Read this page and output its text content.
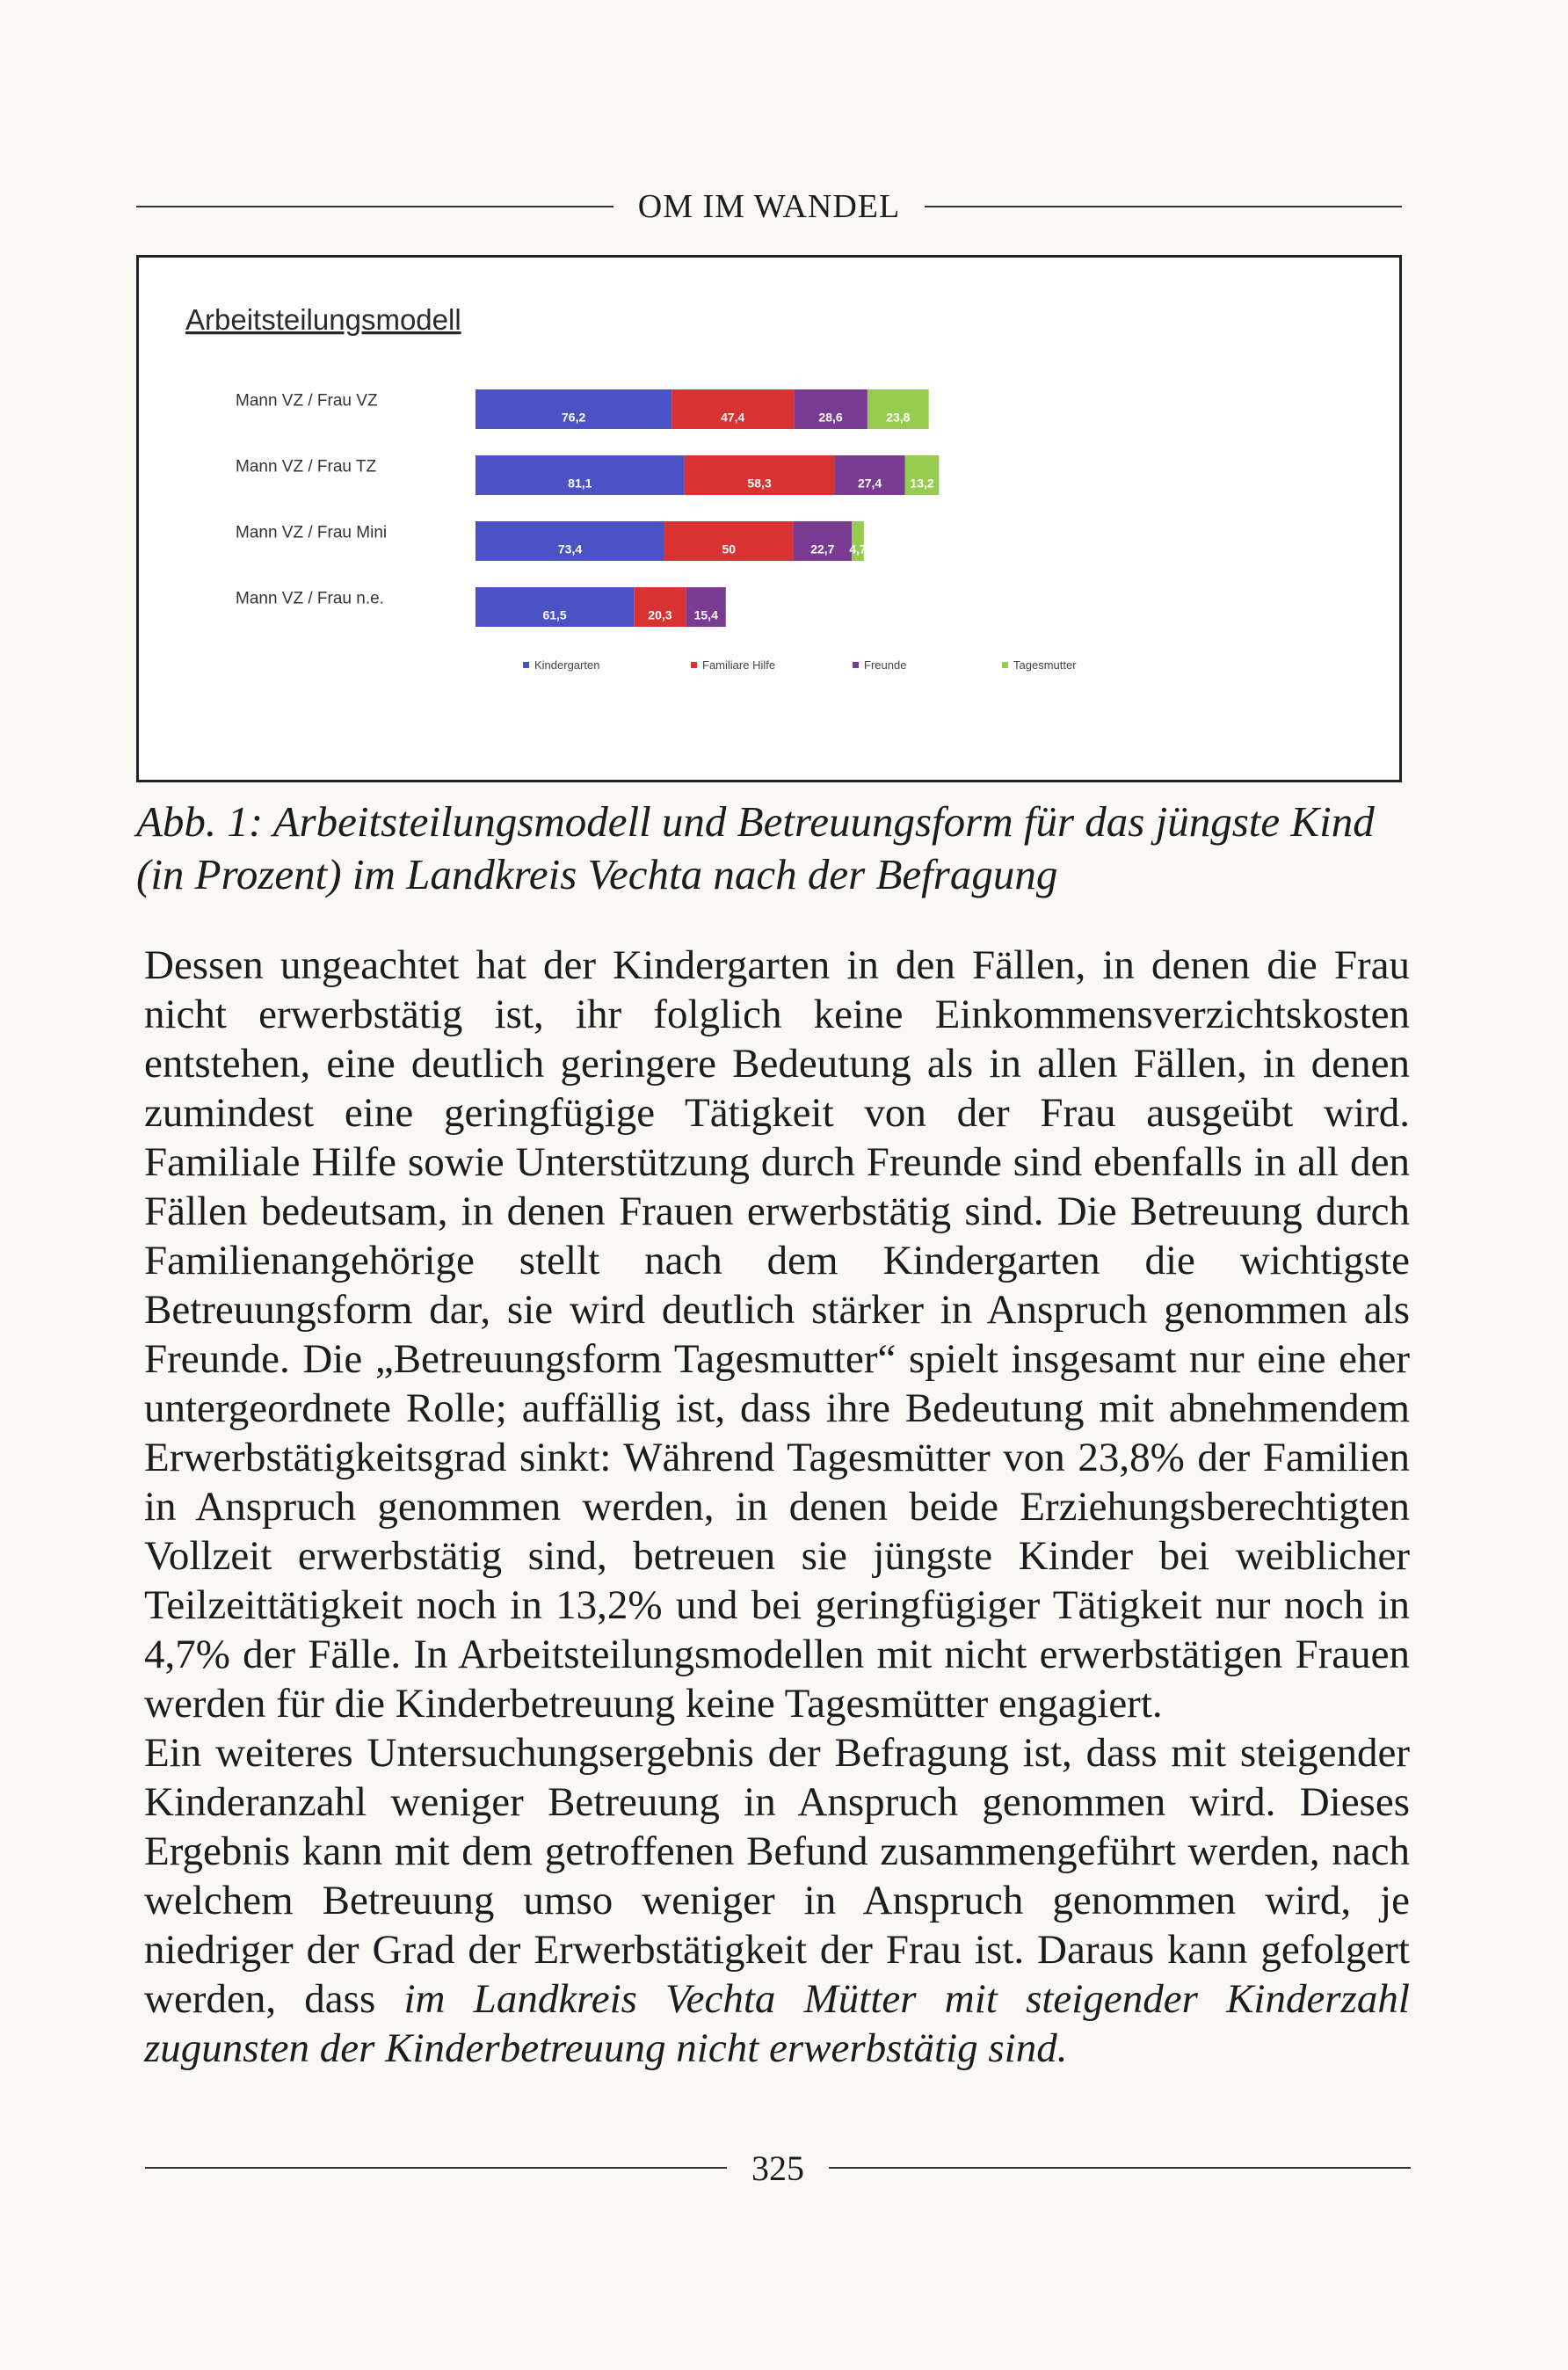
OM IM WANDEL
Arbeitsteilungsmodell
Mann VZ / Frau VZ
76,2	47,4	28,6	23,8
Mann VZ / Frau TZ
81,1	58,3	27,4 13,2
Mann VZ / Frau Mini
73,4	50	22,7 4,7
Mann VZ / Frau n.e.
61,5	20,3 15,4
Kindergarten	Familiare Hilfe	Freunde	Tagesmutter
Abb. 1: Arbeitsteilungsmodell und Betreuungsform für das jüngste Kind (in Prozent) im Landkreis Vechta nach der Befragung

Dessen ungeachtet hat der Kindergarten in den Fällen, in denen die Frau nicht erwerbstätig ist, ihr folglich keine Einkommensverzichtskosten entstehen, eine deutlich geringere Bedeutung als in allen Fällen, in denen zumindest eine geringfügige Tätigkeit von der Frau ausgeübt wird. Familiale Hilfe sowie Unterstützung durch Freunde sind ebenfalls in all den Fällen bedeutsam, in denen Frauen erwerbstätig sind. Die Betreuung durch Familienangehörige stellt nach dem Kindergarten die wichtigste Betreuungsform dar, sie wird deutlich stärker in Anspruch genommen als Freunde. Die „Betreuungsform Tagesmutter“ spielt insgesamt nur eine eher untergeordnete Rolle; auffällig ist, dass ihre Bedeutung mit abnehmendem Erwerbstätigkeitsgrad sinkt: Während Tagesmütter von 23,8% der Familien in Anspruch genommen werden, in denen beide Erziehungsberechtigten Vollzeit erwerbstätig sind, betreuen sie jüngste Kinder bei weiblicher Teilzeittätigkeit noch in 13,2% und bei geringfügiger Tätigkeit nur noch in 4,7% der Fälle. In Arbeitsteilungsmodellen mit nicht erwerbstätigen Frauen werden für die Kinderbetreuung keine Tagesmütter engagiert.

Ein weiteres Untersuchungsergebnis der Befragung ist, dass mit steigender Kinderanzahl weniger Betreuung in Anspruch genommen wird. Dieses Ergebnis kann mit dem getroffenen Befund zusammengeführt werden, nach welchem Betreuung umso weniger in Anspruch genommen wird, je niedriger der Grad der Erwerbstätigkeit der Frau ist. Daraus kann gefolgert werden, dass im Landkreis Vechta Mütter mit steigender Kinderzahl zugunsten der Kinderbetreuung nicht erwerbstätig sind.

325
